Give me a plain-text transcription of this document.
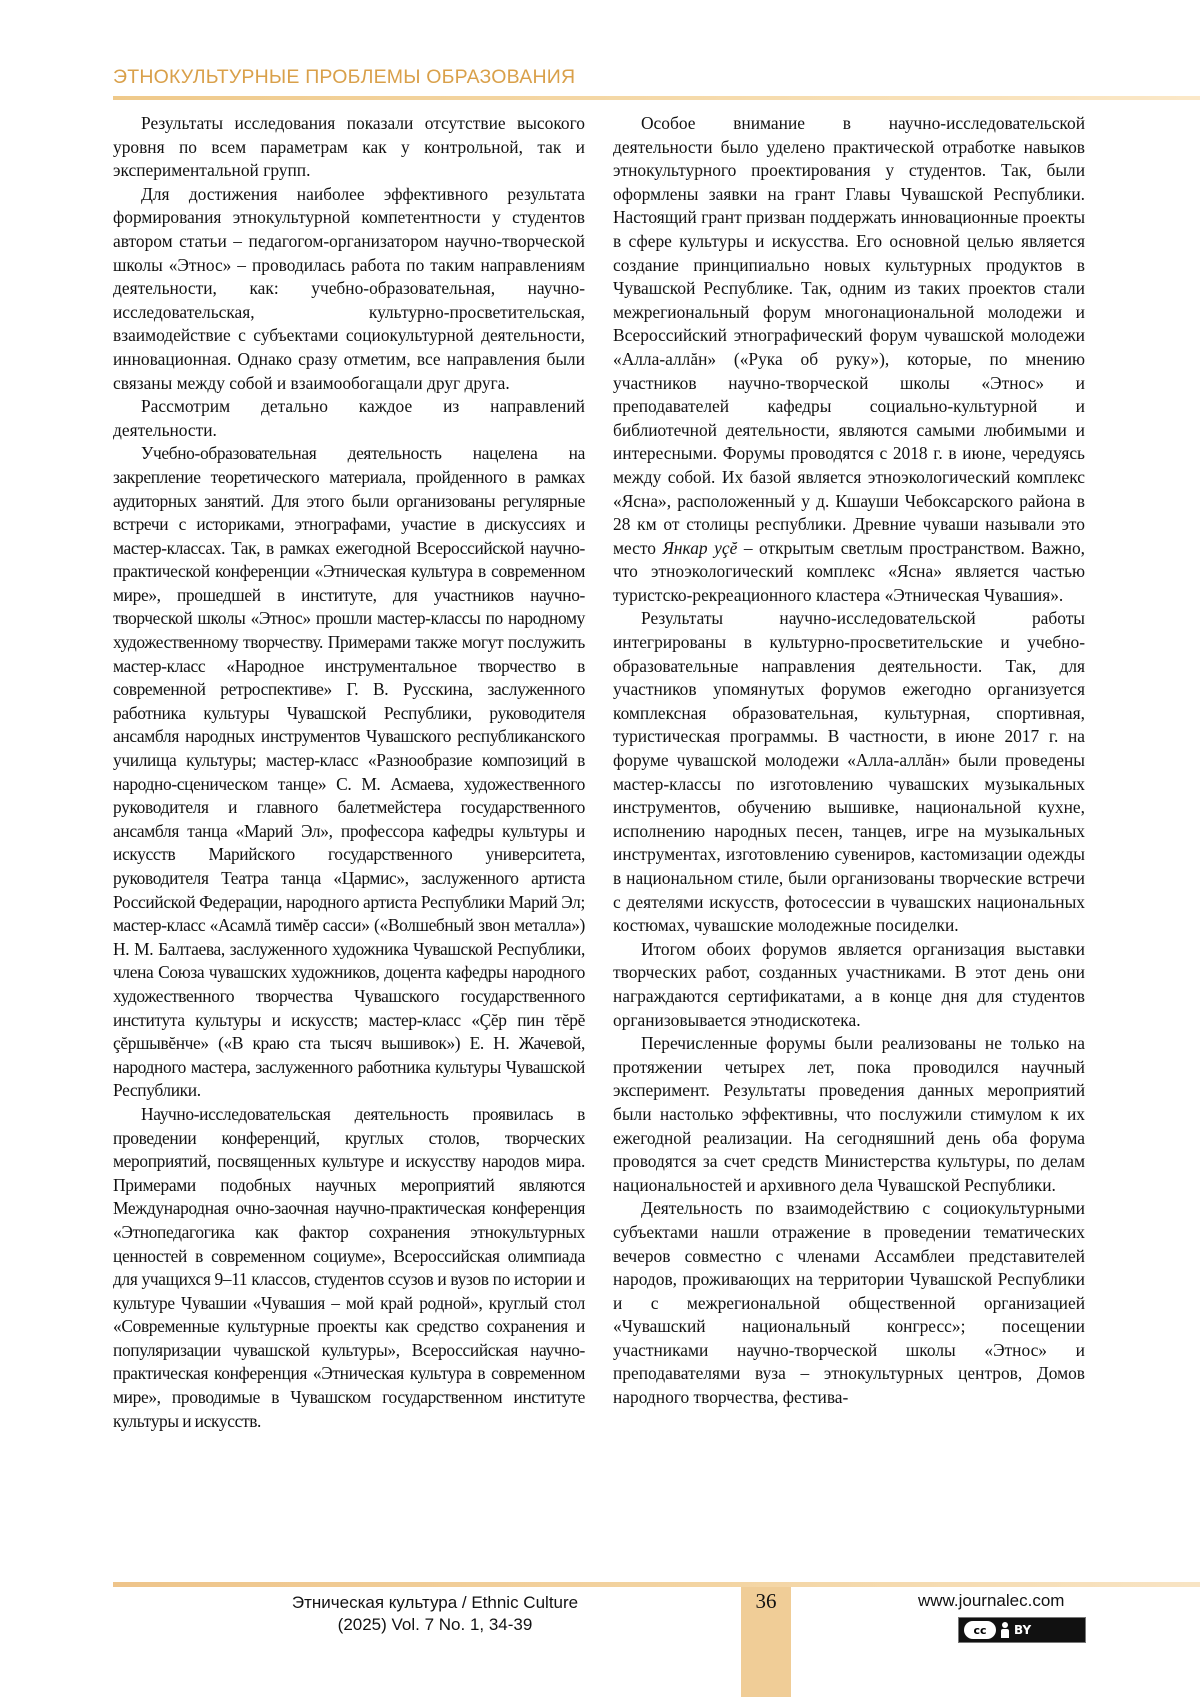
ЭТНОКУЛЬТУРНЫЕ ПРОБЛЕМЫ ОБРАЗОВАНИЯ

Результаты исследования показали отсутствие высокого уровня по всем параметрам как у контрольной, так и экспериментальной групп.

Для достижения наиболее эффективного результата формирования этнокультурной компетентности у студентов автором статьи – педагогом-организатором научно-творческой школы «Этнос» – проводилась работа по таким направлениям деятельности, как: учебно-образовательная, научно-исследовательская, культурно-просветительская, взаимодействие с субъектами социокультурной деятельности, инновационная. Однако сразу отметим, все направления были связаны между собой и взаимообогащали друг друга.

Рассмотрим детально каждое из направлений деятельности.

Учебно-образовательная деятельность нацелена на закрепление теоретического материала, пройденного в рамках аудиторных занятий. Для этого были организованы регулярные встречи с историками, этнографами, участие в дискуссиях и мастер-классах. Так, в рамках ежегодной Всероссийской научно-практической конференции «Этническая культура в современном мире», прошедшей в институте, для участников научно-творческой школы «Этнос» прошли мастер-классы по народному художественному творчеству. Примерами также могут послужить мастер-класс «Народное инструментальное творчество в современной ретроспективе» Г. В. Русскина, заслуженного работника культуры Чувашской Республики, руководителя ансамбля народных инструментов Чувашского республиканского училища культуры; мастер-класс «Разнообразие композиций в народно-сценическом танце» С. М. Асмаева, художественного руководителя и главного балетмейстера государственного ансамбля танца «Марий Эл», профессора кафедры культуры и искусств Марийского государственного университета, руководителя Театра танца «Цармис», заслуженного артиста Российской Федерации, народного артиста Республики Марий Эл; мастер-класс «Асамлă тимĕр сасси» («Волшебный звон металла») Н. М. Балтаева, заслуженного художника Чувашской Республики, члена Союза чувашских художников, доцента кафедры народного художественного творчества Чувашского государственного института культуры и искусств; мастер-класс «Çĕр пин тĕрĕ çĕршывĕнче» («В краю ста тысяч вышивок») Е. Н. Жачевой, народного мастера, заслуженного работника культуры Чувашской Республики.

Научно-исследовательская деятельность проявилась в проведении конференций, круглых столов, творческих мероприятий, посвященных культуре и искусству народов мира. Примерами подобных научных мероприятий являются Международная очно-заочная научно-практическая конференция «Этнопедагогика как фактор сохранения этнокультурных ценностей в современном социуме», Всероссийская олимпиада для учащихся 9–11 классов, студентов ссузов и вузов по истории и культуре Чувашии «Чувашия – мой край родной», круглый стол «Современные культурные проекты как средство сохранения и популяризации чувашской культуры», Всероссийская научно-практическая конференция «Этническая культура в современном мире», проводимые в Чувашском государственном институте культуры и искусств.

Особое внимание в научно-исследовательской деятельности было уделено практической отработке навыков этнокультурного проектирования у студентов. Так, были оформлены заявки на грант Главы Чувашской Республики. Настоящий грант призван поддержать инновационные проекты в сфере культуры и искусства. Его основной целью является создание принципиально новых культурных продуктов в Чувашской Республике. Так, одним из таких проектов стали межрегиональный форум многонациональной молодежи и Всероссийский этнографический форум чувашской молодежи «Алла-аллăн» («Рука об руку»), которые, по мнению участников научно-творческой школы «Этнос» и преподавателей кафедры социально-культурной и библиотечной деятельности, являются самыми любимыми и интересными. Форумы проводятся с 2018 г. в июне, чередуясь между собой. Их базой является этноэкологический комплекс «Ясна», расположенный у д. Кшауши Чебоксарского района в 28 км от столицы республики. Древние чуваши называли это место Янкар уçĕ – открытым светлым пространством. Важно, что этноэкологический комплекс «Ясна» является частью туристско-рекреационного кластера «Этническая Чувашия».

Результаты научно-исследовательской работы интегрированы в культурно-просветительские и учебно-образовательные направления деятельности. Так, для участников упомянутых форумов ежегодно организуется комплексная образовательная, культурная, спортивная, туристическая программы. В частности, в июне 2017 г. на форуме чувашской молодежи «Алла-аллăн» были проведены мастер-классы по изготовлению чувашских музыкальных инструментов, обучению вышивке, национальной кухне, исполнению народных песен, танцев, игре на музыкальных инструментах, изготовлению сувениров, кастомизации одежды в национальном стиле, были организованы творческие встречи с деятелями искусств, фотосессии в чувашских национальных костюмах, чувашские молодежные посиделки.

Итогом обоих форумов является организация выставки творческих работ, созданных участниками. В этот день они награждаются сертификатами, а в конце дня для студентов организовывается этнодискотека.

Перечисленные форумы были реализованы не только на протяжении четырех лет, пока проводился научный эксперимент. Результаты проведения данных мероприятий были настолько эффективны, что послужили стимулом к их ежегодной реализации. На сегодняшний день оба форума проводятся за счет средств Министерства культуры, по делам национальностей и архивного дела Чувашской Республики.

Деятельность по взаимодействию с социокультурными субъектами нашли отражение в проведении тематических вечеров совместно с членами Ассамблеи представителей народов, проживающих на территории Чувашской Республики и с межрегиональной общественной организацией «Чувашский национальный конгресс»; посещении участниками научно-творческой школы «Этнос» и преподавателями вуза – этнокультурных центров, Домов народного творчества, фестива-

Этническая культура / Ethnic Culture
(2025) Vol. 7 No. 1, 34-39
36	www.journalec.com
cc	BY
